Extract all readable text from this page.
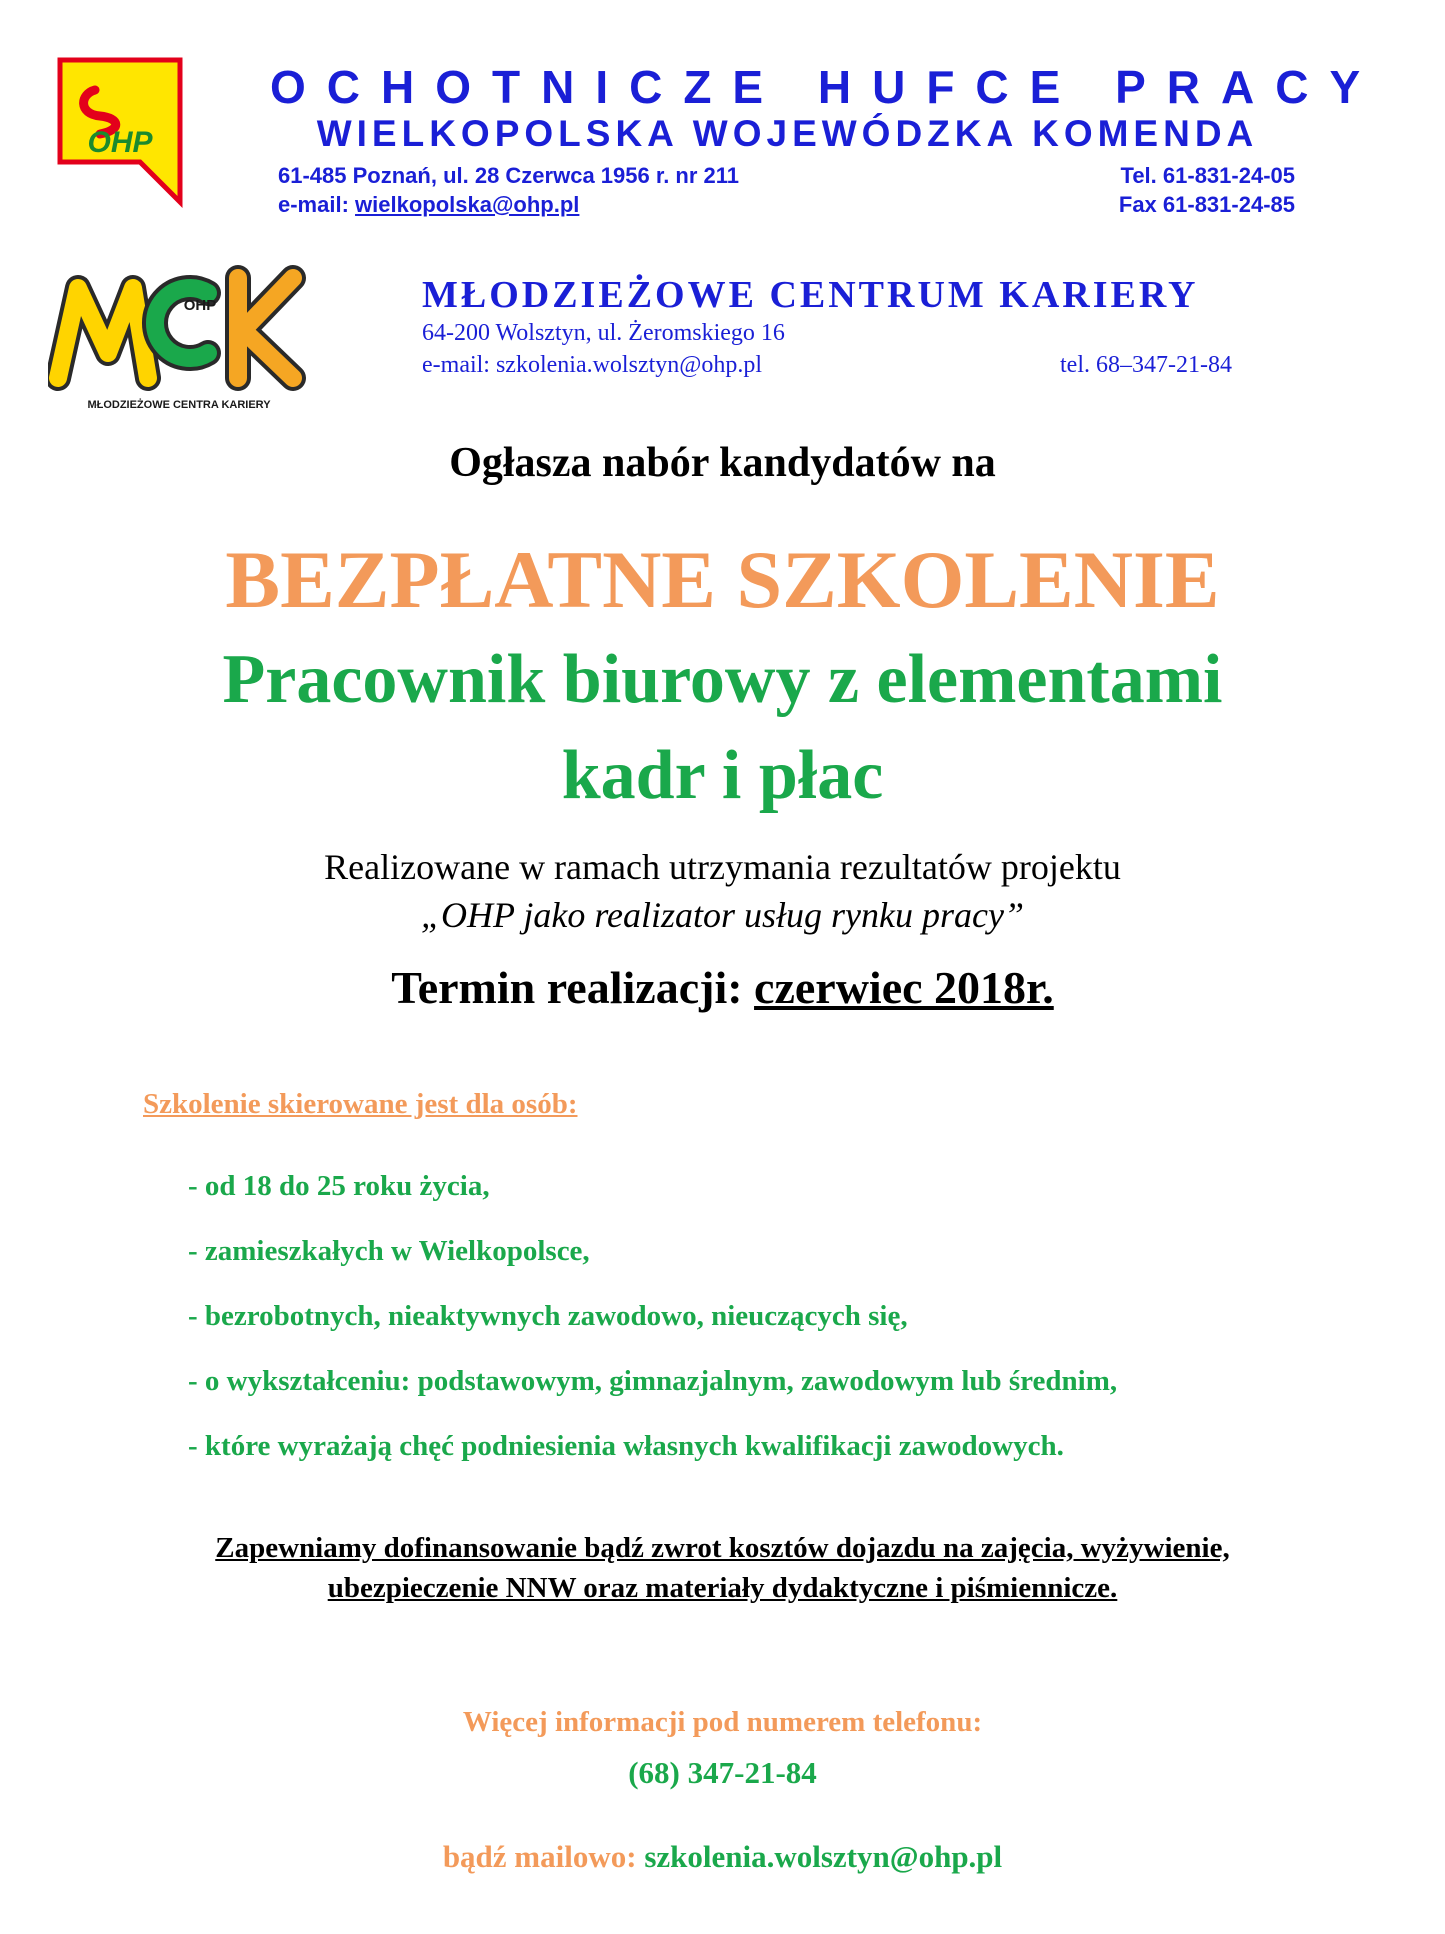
OHP
OCHOTNICZE HUFCE PRACY
WIELKOPOLSKA WOJEWÓDZKA KOMENDA
61-485 Poznań, ul. 28 Czerwca 1956 r. nr 211
e-mail: wielkopolska@ohp.pl
Tel. 61-831-24-05
Fax 61-831-24-85
OHP
MŁODZIEŻOWE CENTRA KARIERY
MŁODZIEŻOWE CENTRUM KARIERY
64-200 Wolsztyn, ul. Żeromskiego 16
e-mail: szkolenia.wolsztyn@ohp.pl	tel. 68–347-21-84
Ogłasza nabór kandydatów na
BEZPŁATNE SZKOLENIE
Pracownik biurowy z elementami
kadr i płac
Realizowane w ramach utrzymania rezultatów projektu
„OHP jako realizator usług rynku pracy”
Termin realizacji: czerwiec 2018r.
Szkolenie skierowane jest dla osób:
- od 18 do 25 roku życia,
- zamieszkałych w Wielkopolsce,
- bezrobotnych, nieaktywnych zawodowo, nieuczących się,
- o wykształceniu: podstawowym, gimnazjalnym, zawodowym lub średnim,
- które wyrażają chęć podniesienia własnych kwalifikacji zawodowych.
Zapewniamy dofinansowanie bądź zwrot kosztów dojazdu na zajęcia, wyżywienie,
ubezpieczenie NNW oraz materiały dydaktyczne i piśmiennicze.
Więcej informacji pod numerem telefonu:
(68) 347-21-84
bądź mailowo: szkolenia.wolsztyn@ohp.pl
